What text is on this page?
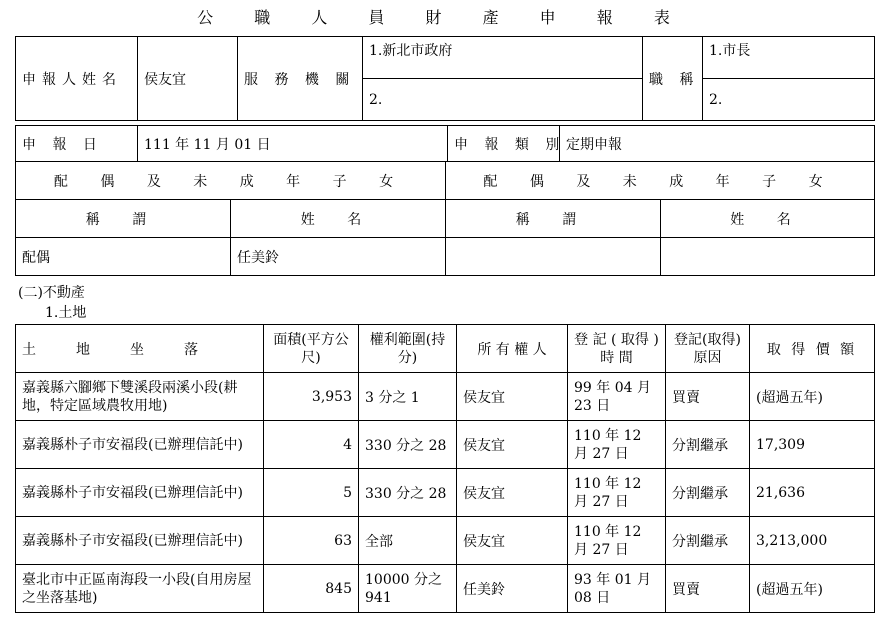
公 職 人 員 財 產 申 報 表
申報人姓名	侯友宜	服 務 機 關	1.新北市政府	職 稱	1.市長
			2.		2.
申 報 日	111 年 11 月 01 日	申 報 類 別	定期申報
配 偶 及 未 成 年 子 女		配 偶 及 未 成 年 子 女	
稱 謂	姓 名	稱 謂	姓 名
配偶	任美鈴		
(二)不動產
1.土地
土　　地　　坐　　落	面積(平方公　尺)	權利範圍(持　分)	所 有 權 人	登 記 ( 取得 ) 時 間	登記(取得)原因	取 得 價 額
嘉義縣六腳鄉下雙溪段兩溪小段(耕地，特定區域農牧用地)	3,953	3 分之 1	侯友宜	99 年 04 月 23 日	買賣	(超過五年)
嘉義縣朴子市安福段(已辦理信託中)	4	330 分之 28	侯友宜	110 年 12 月 27 日	分割繼承	17,309
嘉義縣朴子市安福段(已辦理信託中)	5	330 分之 28	侯友宜	110 年 12 月 27 日	分割繼承	21,636
嘉義縣朴子市安福段(已辦理信託中)	63	全部	侯友宜	110 年 12 月 27 日	分割繼承	3,213,000
臺北市中正區南海段一小段(自用房屋之坐落基地)	845	10000 分之 941	任美鈴	93 年 01 月 08 日	買賣	(超過五年)
